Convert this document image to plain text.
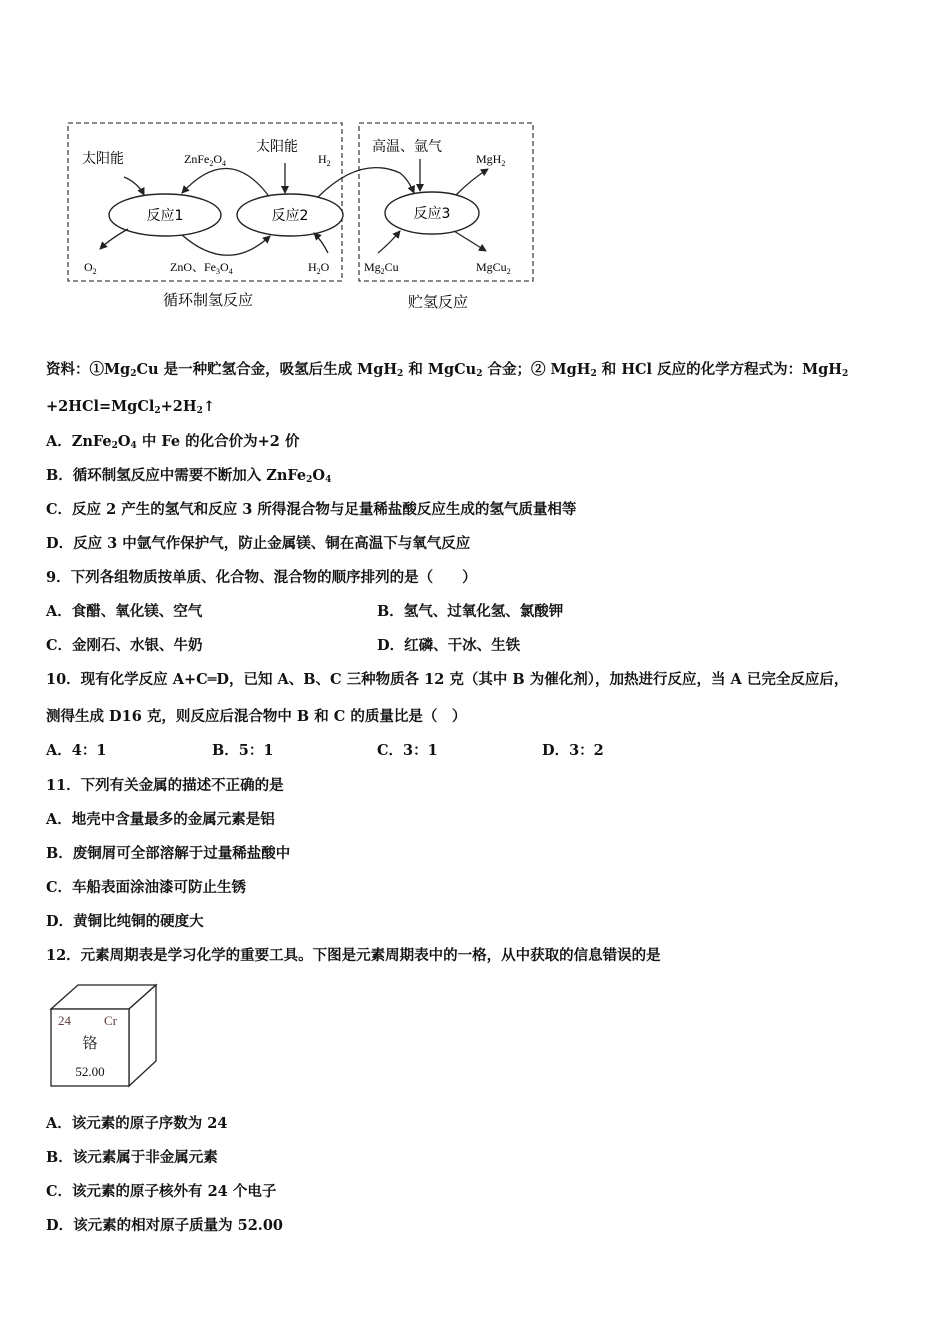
反应1	反应2	反应3
太阳能
太阳能	高温、氩气
$ZnFe_2O_4$	$H_2$	MgH$_2$
$O_2$	ZnO、$Fe_3O_4$	$H_2O$	$Mg_2Cu$	MgCu$_2$
循环制氢反应	贮氢反应
资料：$①Mg_2Cu$ 是一种贮氢合金，吸氢后生成 MgH$_2$ 和 MgCu$_2$ 合金；② MgH$_2$ 和 HCl 反应的化学方程式为：MgH$_2$
$+2HCl=MgCl_2+2H_2↑$
A．$ZnFe_2O_4$ 中 Fe 的化合价为+2 价
B．循环制氢反应中需要不断加入 $ZnFe_2O_4$
C．反应 2 产生的氢气和反应 3 所得混合物与足量稀盐酸反应生成的氢气质量相等
D．反应 3 中氩气作保护气，防止金属镁、铜在高温下与氧气反应
9．下列各组物质按单质、化合物、混合物的顺序排列的是（　　）
A．食醋、氧化镁、空气	B．氢气、过氧化氢、氯酸钾
C．金刚石、水银、牛奶	D．红磷、干冰、生铁
10．现有化学反应 A+C═D，已知 A、B、C 三种物质各 12 克（其中 B 为催化剂），加热进行反应，当 A 已完全反应后，
测得生成 D16 克，则反应后混合物中 B 和 C 的质量比是（　）
A．4：1	B．5：1	C．3：1	D．3：2
11．下列有关金属的描述不正确的是
A．地壳中含量最多的金属元素是铝
B．废铜屑可全部溶解于过量稀盐酸中
C．车船表面涂油漆可防止生锈
D．黄铜比纯铜的硬度大
12．元素周期表是学习化学的重要工具。下图是元素周期表中的一格，从中获取的信息错误的是
24	Cr
铬
52.00
A．该元素的原子序数为 24
B．该元素属于非金属元素
C．该元素的原子核外有 24 个电子
D．该元素的相对原子质量为 52.00
